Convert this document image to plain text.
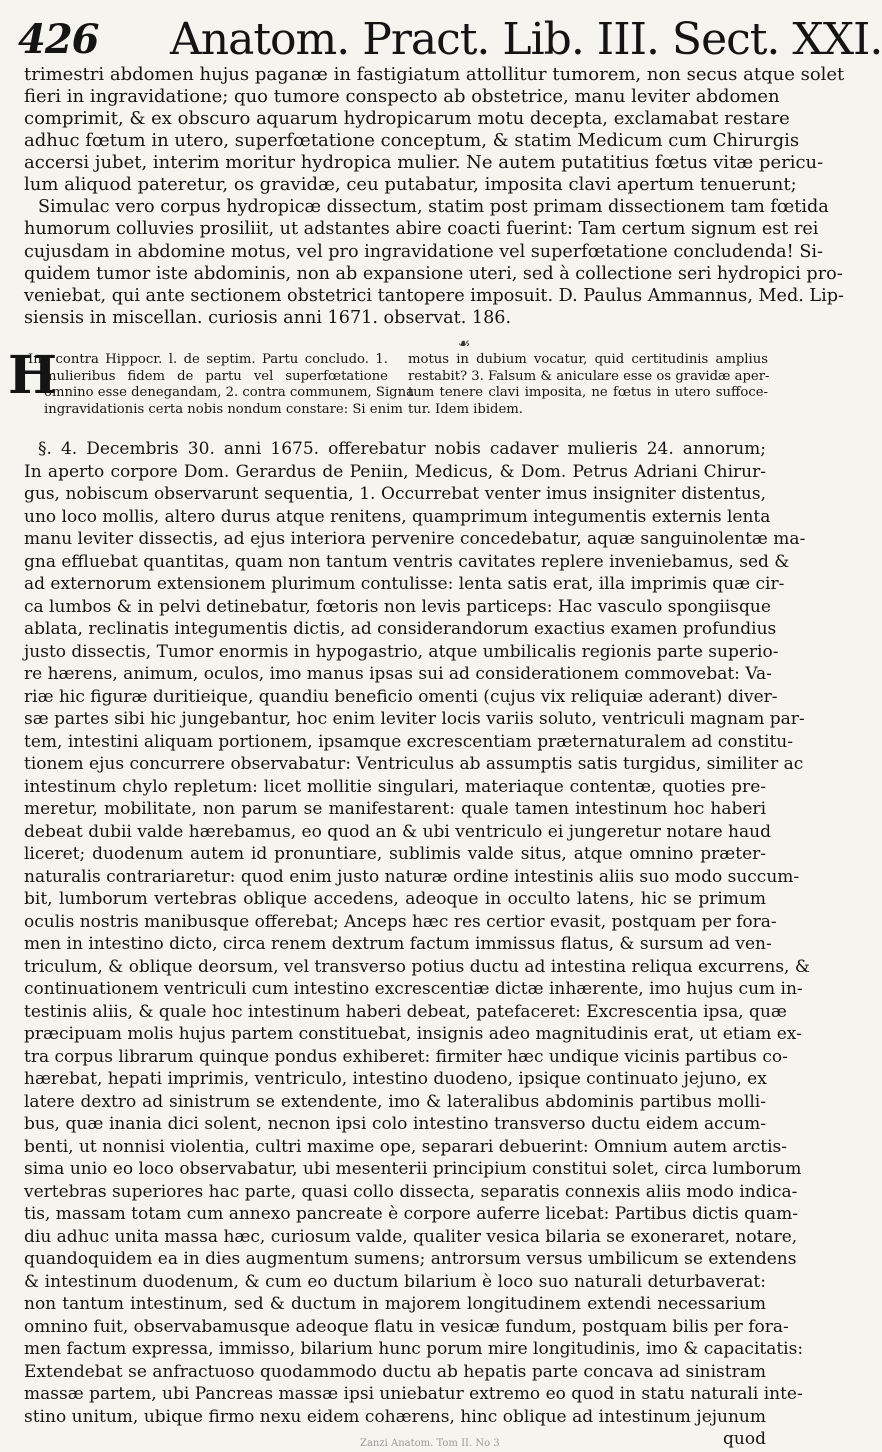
426 Anatom. Pract. Lib. III. Sect. XXI.
trimestri abdomen hujus paganæ in fastigiatum attollitur tumorem, non secus atque solet
fieri in ingravidatione; quo tumore conspecto ab obstetrice, manu leviter abdomen
comprimit, & ex obscuro aquarum hydropicarum motu decepta, exclamabat restare
adhuc fœtum in utero, superfœtatione conceptum, & statim Medicum cum Chirurgis
accersi jubet, interim moritur hydropica mulier. Ne autem putatitius fœtus vitæ pericu-
lum aliquod pateretur, os gravidæ, ceu putabatur, imposita clavi apertum tenuerunt;
Simulac vero corpus hydropicæ dissectum, statim post primam dissectionem tam fœtida
humorum colluvies prosiliit, ut adstantes abire coacti fuerint: Tam certum signum est rei
cujusdam in abdomine motus, vel pro ingravidatione vel superfœtatione concludenda! Si-
quidem tumor iste abdominis, non ab expansione uteri, sed à collectione seri hydropici pro-
veniebat, qui ante sectionem obstetrici tantopere imposuit. D. Paulus Ammannus, Med. Lip-
siensis in miscellan. curiosis anni 1671. observat. 186.
☙
H
Inc contra Hippocr. l. de septim. Partu concludo. 1.
mulieribus fidem de partu vel superfœtatione
omnino esse denegandam, 2. contra communem, Signa
ingravidationis certa nobis nondum constare: Si enim
motus in dubium vocatur, quid certitudinis amplius
restabit? 3. Falsum & aniculare esse os gravidæ aper-
tum tenere clavi imposita, ne fœtus in utero suffoce-
tur. Idem ibidem.
§. 4. Decembris 30. anni 1675. offerebatur nobis cadaver mulieris 24. annorum;
In aperto corpore Dom. Gerardus de Peniin, Medicus, & Dom. Petrus Adriani Chirur-
gus, nobiscum observarunt sequentia, 1. Occurrebat venter imus insigniter distentus,
uno loco mollis, altero durus atque renitens, quamprimum integumentis externis lenta
manu leviter dissectis, ad ejus interiora pervenire concedebatur, aquæ sanguinolentæ ma-
gna effluebat quantitas, quam non tantum ventris cavitates replere inveniebamus, sed &
ad externorum extensionem plurimum contulisse: lenta satis erat, illa imprimis quæ cir-
ca lumbos & in pelvi detinebatur, fœtoris non levis particeps: Hac vasculo spongiisque
ablata, reclinatis integumentis dictis, ad considerandorum exactius examen profundius
justo dissectis, Tumor enormis in hypogastrio, atque umbilicalis regionis parte superio-
re hærens, animum, oculos, imo manus ipsas sui ad considerationem commovebat: Va-
riæ hic figuræ duritieique, quandiu beneficio omenti (cujus vix reliquiæ aderant) diver-
sæ partes sibi hic jungebantur, hoc enim leviter locis variis soluto, ventriculi magnam par-
tem, intestini aliquam portionem, ipsamque excrescentiam præternaturalem ad constitu-
tionem ejus concurrere observabatur: Ventriculus ab assumptis satis turgidus, similiter ac
intestinum chylo repletum: licet mollitie singulari, materiaque contentæ, quoties pre-
meretur, mobilitate, non parum se manifestarent: quale tamen intestinum hoc haberi
debeat dubii valde hærebamus, eo quod an & ubi ventriculo ei jungeretur notare haud
liceret; duodenum autem id pronuntiare, sublimis valde situs, atque omnino præter-
naturalis contrariaretur: quod enim justo naturæ ordine intestinis aliis suo modo succum-
bit, lumborum vertebras oblique accedens, adeoque in occulto latens, hic se primum
oculis nostris manibusque offerebat; Anceps hæc res certior evasit, postquam per fora-
men in intestino dicto, circa renem dextrum factum immissus flatus, & sursum ad ven-
triculum, & oblique deorsum, vel transverso potius ductu ad intestina reliqua excurrens, &
continuationem ventriculi cum intestino excrescentiæ dictæ inhærente, imo hujus cum in-
testinis aliis, & quale hoc intestinum haberi debeat, patefaceret: Excrescentia ipsa, quæ
præcipuam molis hujus partem constituebat, insignis adeo magnitudinis erat, ut etiam ex-
tra corpus librarum quinque pondus exhiberet: firmiter hæc undique vicinis partibus co-
hærebat, hepati imprimis, ventriculo, intestino duodeno, ipsique continuato jejuno, ex
latere dextro ad sinistrum se extendente, imo & lateralibus abdominis partibus molli-
bus, quæ inania dici solent, necnon ipsi colo intestino transverso ductu eidem accum-
benti, ut nonnisi violentia, cultri maxime ope, separari debuerint: Omnium autem arctis-
sima unio eo loco observabatur, ubi mesenterii principium constitui solet, circa lumborum
vertebras superiores hac parte, quasi collo dissecta, separatis connexis aliis modo indica-
tis, massam totam cum annexo pancreate è corpore auferre licebat: Partibus dictis quam-
diu adhuc unita massa hæc, curiosum valde, qualiter vesica bilaria se exoneraret, notare,
quandoquidem ea in dies augmentum sumens; antrorsum versus umbilicum se extendens
& intestinum duodenum, & cum eo ductum bilarium è loco suo naturali deturbaverat:
non tantum intestinum, sed & ductum in majorem longitudinem extendi necessarium
omnino fuit, observabamusque adeoque flatu in vesicæ fundum, postquam bilis per fora-
men factum expressa, immisso, bilarium hunc porum mire longitudinis, imo & capacitatis:
Extendebat se anfractuoso quodammodo ductu ab hepatis parte concava ad sinistram
massæ partem, ubi Pancreas massæ ipsi uniebatur extremo eo quod in statu naturali inte-
stino unitum, ubique firmo nexu eidem cohærens, hinc oblique ad intestinum jejunum
quod
Zanzi Anatom. Tom II. No 3
